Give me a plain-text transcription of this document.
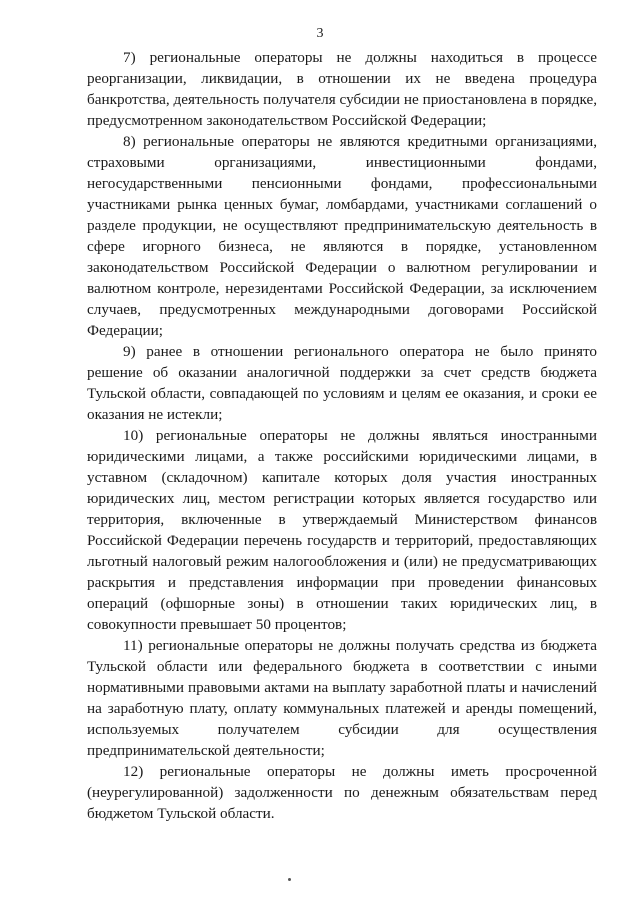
3

7) региональные операторы не должны находиться в процессе реорганизации, ликвидации, в отношении их не введена процедура банкротства, деятельность получателя субсидии не приостановлена в порядке, предусмотренном законодательством Российской Федерации;

8) региональные операторы не являются кредитными организациями, страховыми организациями, инвестиционными фондами, негосударственными пенсионными фондами, профессиональными участниками рынка ценных бумаг, ломбардами, участниками соглашений о разделе продукции, не осуществляют предпринимательскую деятельность в сфере игорного бизнеса, не являются в порядке, установленном законодательством Российской Федерации о валютном регулировании и валютном контроле, нерезидентами Российской Федерации, за исключением случаев, предусмотренных международными договорами Российской Федерации;

9) ранее в отношении регионального оператора не было принято решение об оказании аналогичной поддержки за счет средств бюджета Тульской области, совпадающей по условиям и целям ее оказания, и сроки ее оказания не истекли;

10) региональные операторы не должны являться иностранными юридическими лицами, а также российскими юридическими лицами, в уставном (складочном) капитале которых доля участия иностранных юридических лиц, местом регистрации которых является государство или территория, включенные в утверждаемый Министерством финансов Российской Федерации перечень государств и территорий, предоставляющих льготный налоговый режим налогообложения и (или) не предусматривающих раскрытия и представления информации при проведении финансовых операций (офшорные зоны) в отношении таких юридических лиц, в совокупности превышает 50 процентов;

11) региональные операторы не должны получать средства из бюджета Тульской области или федерального бюджета в соответствии с иными нормативными правовыми актами на выплату заработной платы и начислений на заработную плату, оплату коммунальных платежей и аренды помещений, используемых получателем субсидии для осуществления предпринимательской деятельности;

12) региональные операторы не должны иметь просроченной (неурегулированной) задолженности по денежным обязательствам перед бюджетом Тульской области.
